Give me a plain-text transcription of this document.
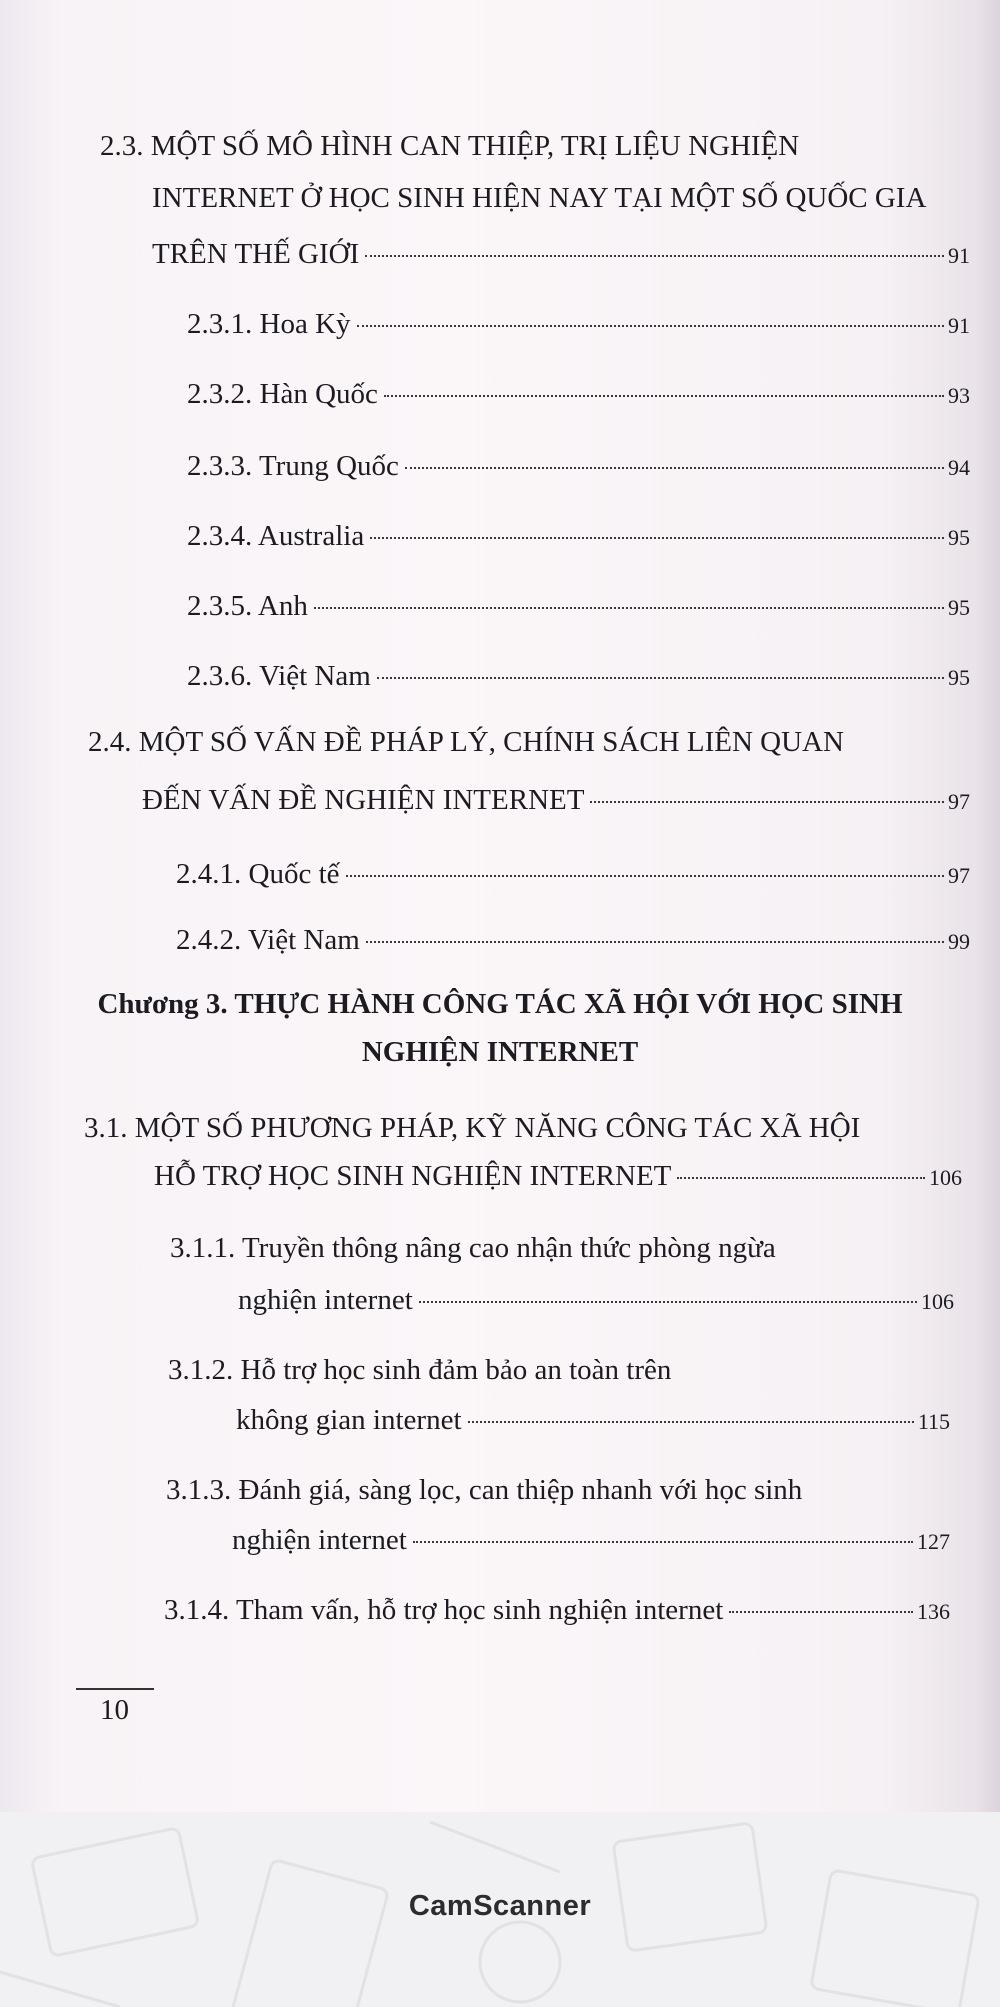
2.3. MỘT SỐ MÔ HÌNH CAN THIỆP, TRỊ LIỆU NGHIỆN
INTERNET Ở HỌC SINH HIỆN NAY TẠI MỘT SỐ QUỐC GIA
TRÊN THẾ GIỚI	91
2.3.1. Hoa Kỳ	91
2.3.2. Hàn Quốc	93
2.3.3. Trung Quốc	94
2.3.4. Australia	95
2.3.5. Anh	95
2.3.6. Việt Nam	95
2.4. MỘT SỐ VẤN ĐỀ PHÁP LÝ, CHÍNH SÁCH LIÊN QUAN
ĐẾN VẤN ĐỀ NGHIỆN INTERNET	97
2.4.1. Quốc tế	97
2.4.2. Việt Nam	99
Chương 3. THỰC HÀNH CÔNG TÁC XÃ HỘI VỚI HỌC SINH
NGHIỆN INTERNET
3.1. MỘT SỐ PHƯƠNG PHÁP, KỸ NĂNG CÔNG TÁC XÃ HỘI
HỖ TRỢ HỌC SINH NGHIỆN INTERNET	106
3.1.1. Truyền thông nâng cao nhận thức phòng ngừa
nghiện internet	106
3.1.2. Hỗ trợ học sinh đảm bảo an toàn trên
không gian internet	115
3.1.3. Đánh giá, sàng lọc, can thiệp nhanh với học sinh
nghiện internet	127
3.1.4. Tham vấn, hỗ trợ học sinh nghiện internet	136
10
CamScanner
